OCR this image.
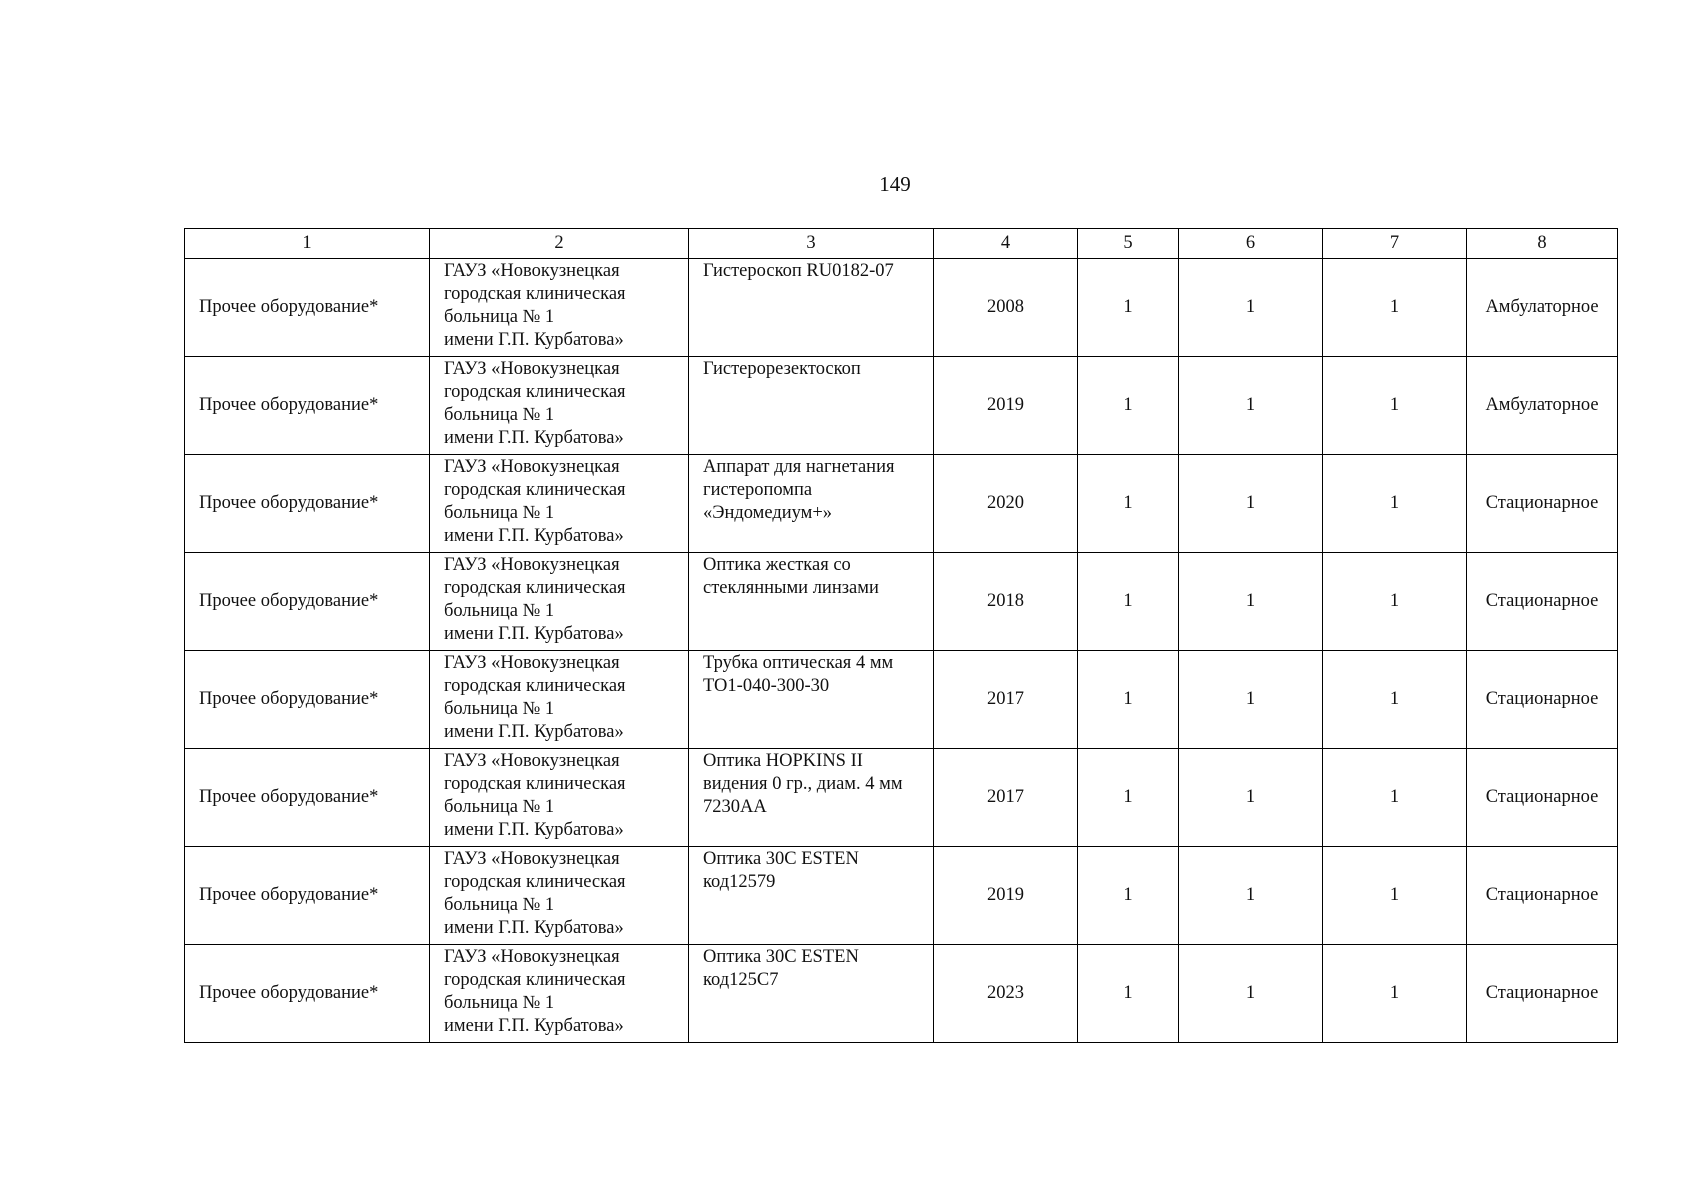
149
1	2	3	4	5	6	7	8
Прочее оборудование*	ГАУЗ «Новокузнецкая
городская клиническая
больница № 1
имени Г.П. Курбатова»	Гистероскоп RU0182-07	2008	1	1	1	Амбулаторное
Прочее оборудование*	ГАУЗ «Новокузнецкая
городская клиническая
больница № 1
имени Г.П. Курбатова»	Гистерорезектоскоп	2019	1	1	1	Амбулаторное
Прочее оборудование*	ГАУЗ «Новокузнецкая
городская клиническая
больница № 1
имени Г.П. Курбатова»	Аппарат для нагнетания
гистеропомпа
«Эндомедиум+»	2020	1	1	1	Стационарное
Прочее оборудование*	ГАУЗ «Новокузнецкая
городская клиническая
больница № 1
имени Г.П. Курбатова»	Оптика жесткая со
стеклянными линзами	2018	1	1	1	Стационарное
Прочее оборудование*	ГАУЗ «Новокузнецкая
городская клиническая
больница № 1
имени Г.П. Курбатова»	Трубка оптическая 4 мм
ТО1-040-300-30	2017	1	1	1	Стационарное
Прочее оборудование*	ГАУЗ «Новокузнецкая
городская клиническая
больница № 1
имени Г.П. Курбатова»	Оптика HOPKINS II
видения 0 гр., диам. 4 мм
7230АА	2017	1	1	1	Стационарное
Прочее оборудование*	ГАУЗ «Новокузнецкая
городская клиническая
больница № 1
имени Г.П. Курбатова»	Оптика 30С ESTEN
код12579	2019	1	1	1	Стационарное
Прочее оборудование*	ГАУЗ «Новокузнецкая
городская клиническая
больница № 1
имени Г.П. Курбатова»	Оптика 30С ESTEN
код125С7	2023	1	1	1	Стационарное
